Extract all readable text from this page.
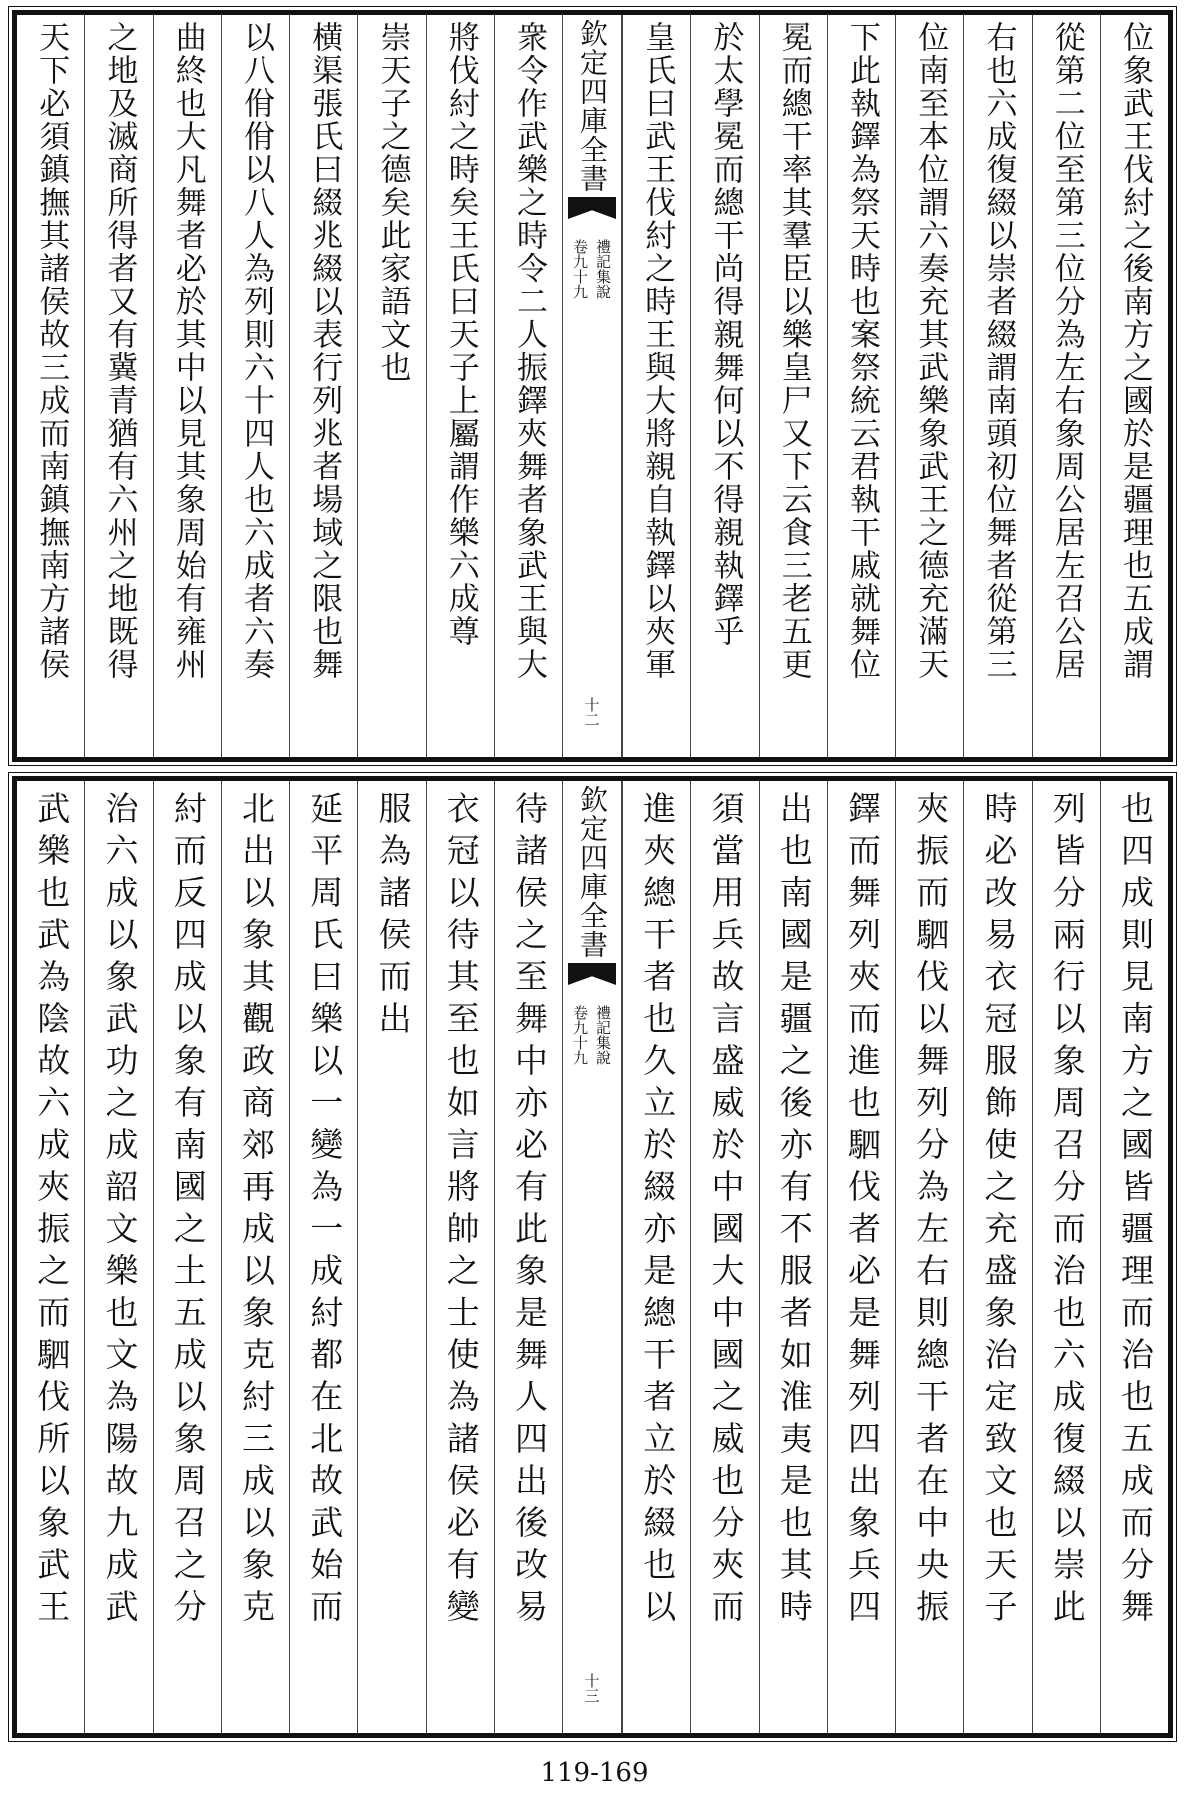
位象武王伐紂之後南方之國於是疆理也五成謂
從第二位至第三位分為左右象周公居左召公居
右也六成復綴以崇者綴謂南頭初位舞者從第三
位南至本位謂六奏充其武樂象武王之德充滿天
下此執鐸為祭天時也案祭統云君執干戚就舞位
冕而總干率其羣臣以樂皇尸又下云食三老五更
於太學冕而總干尚得親舞何以不得親執鐸乎
皇氏曰武王伐紂之時王與大將親自執鐸以夾軍
欽定四庫全書
禮記集說
卷九十九
十二
衆令作武樂之時令二人振鐸夾舞者象武王與大
將伐紂之時矣王氏曰天子上屬謂作樂六成尊
崇天子之德矣此家語文也
横渠張氏曰綴兆綴以表行列兆者場域之限也舞
以八佾佾以八人為列則六十四人也六成者六奏
曲終也大凡舞者必於其中以見其象周始有雍州
之地及滅商所得者又有冀青猶有六州之地既得
天下必須鎮撫其諸侯故三成而南鎮撫南方諸侯
也四成則見南方之國皆疆理而治也五成而分舞
列皆分兩行以象周召分而治也六成復綴以崇此
時必改易衣冠服飾使之充盛象治定致文也天子
夾振而駟伐以舞列分為左右則總干者在中央振
鐸而舞列夾而進也駟伐者必是舞列四出象兵四
出也南國是疆之後亦有不服者如淮夷是也其時
須當用兵故言盛威於中國大中國之威也分夾而
進夾總干者也久立於綴亦是總干者立於綴也以
欽定四庫全書
禮記集說
卷九十九
十三
待諸侯之至舞中亦必有此象是舞人四出後改易
衣冠以待其至也如言將帥之士使為諸侯必有變
服為諸侯而出
延平周氏曰樂以一變為一成紂都在北故武始而
北出以象其觀政商郊再成以象克紂三成以象克
紂而反四成以象有南國之土五成以象周召之分
治六成以象武功之成韶文樂也文為陽故九成武
武樂也武為陰故六成夾振之而駟伐所以象武王
119-169
